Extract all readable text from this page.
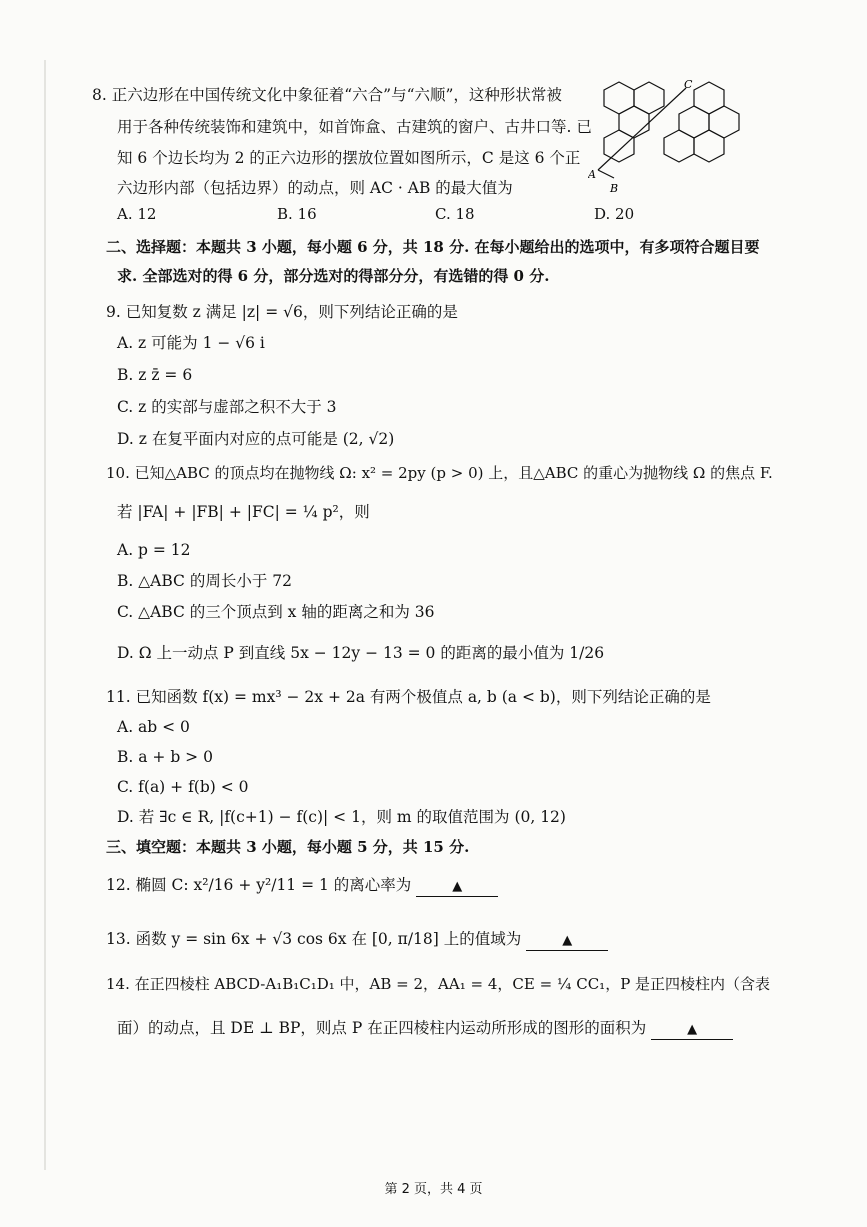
8. 正六边形在中国传统文化中象征着“六合”与“六顺”，这种形状常被
用于各种传统装饰和建筑中，如首饰盒、古建筑的窗户、古井口等. 已
知 6 个边长均为 2 的正六边形的摆放位置如图所示，C 是这 6 个正
六边形内部（包括边界）的动点，则 AC · AB 的最大值为
A
B
C
A. 12	B. 16	C. 18	D. 20
二、选择题：本题共 3 小题，每小题 6 分，共 18 分. 在每小题给出的选项中，有多项符合题目要
求. 全部选对的得 6 分，部分选对的得部分分，有选错的得 0 分.
9. 已知复数 z 满足 |z| = √6，则下列结论正确的是
A. z 可能为 1 − √6 i
B. z z̄ = 6
C. z 的实部与虚部之积不大于 3
D. z 在复平面内对应的点可能是 (2, √2)
10. 已知△ABC 的顶点均在抛物线 Ω: x² = 2py (p > 0) 上，且△ABC 的重心为抛物线 Ω 的焦点 F.
若 |FA| + |FB| + |FC| = ¼ p²，则
A. p = 12
B. △ABC 的周长小于 72
C. △ABC 的三个顶点到 x 轴的距离之和为 36
D. Ω 上一动点 P 到直线 5x − 12y − 13 = 0 的距离的最小值为 1/26
11. 已知函数 f(x) = mx³ − 2x + 2a 有两个极值点 a, b (a < b)，则下列结论正确的是
A. ab < 0
B. a + b > 0
C. f(a) + f(b) < 0
D. 若 ∃c ∈ R, |f(c+1) − f(c)| < 1，则 m 的取值范围为 (0, 12)
三、填空题：本题共 3 小题，每小题 5 分，共 15 分.
12. 椭圆 C: x²/16 + y²/11 = 1 的离心率为	▲
13. 函数 y = sin 6x + √3 cos 6x 在 [0, π/18] 上的值域为	▲
14. 在正四棱柱 ABCD-A₁B₁C₁D₁ 中，AB = 2，AA₁ = 4，CE = ¼ CC₁，P 是正四棱柱内（含表
面）的动点，且 DE ⊥ BP，则点 P 在正四棱柱内运动所形成的图形的面积为	▲
第 2 页，共 4 页
